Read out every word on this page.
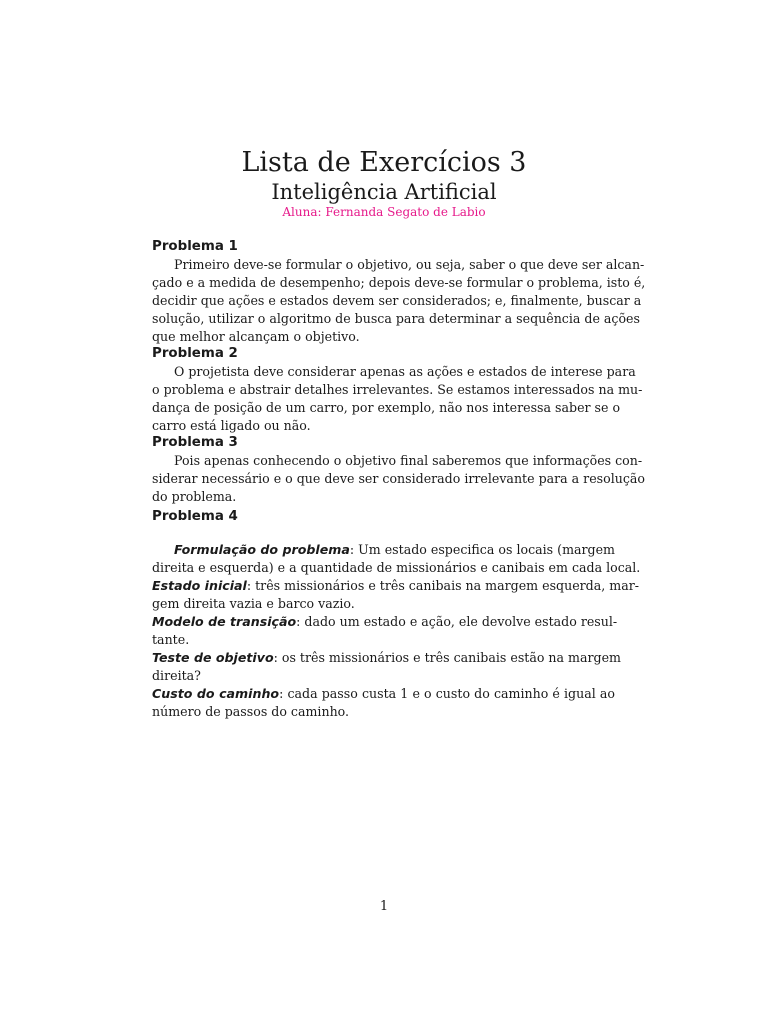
Lista de Exercícios 3
Inteligência Artificial
Aluna: Fernanda Segato de Labio
Problema 1
Primeiro deve-se formular o objetivo, ou seja, saber o que deve ser alcan-
çado e a medida de desempenho; depois deve-se formular o problema, isto é,
decidir que ações e estados devem ser considerados; e, finalmente, buscar a
solução, utilizar o algoritmo de busca para determinar a sequência de ações
que melhor alcançam o objetivo.
Problema 2
O projetista deve considerar apenas as ações e estados de interese para
o problema e abstrair detalhes irrelevantes. Se estamos interessados na mu-
dança de posição de um carro, por exemplo, não nos interessa saber se o
carro está ligado ou não.
Problema 3
Pois apenas conhecendo o objetivo final saberemos que informações con-
siderar necessário e o que deve ser considerado irrelevante para a resolução
do problema.
Problema 4
Formulação do problema: Um estado especifica os locais (margem
direita e esquerda) e a quantidade de missionários e canibais em cada local.
Estado inicial: três missionários e três canibais na margem esquerda, mar-
gem direita vazia e barco vazio.
Modelo de transição: dado um estado e ação, ele devolve estado resul-
tante.
Teste de objetivo: os três missionários e três canibais estão na margem
direita?
Custo do caminho: cada passo custa 1 e o custo do caminho é igual ao
número de passos do caminho.
1
